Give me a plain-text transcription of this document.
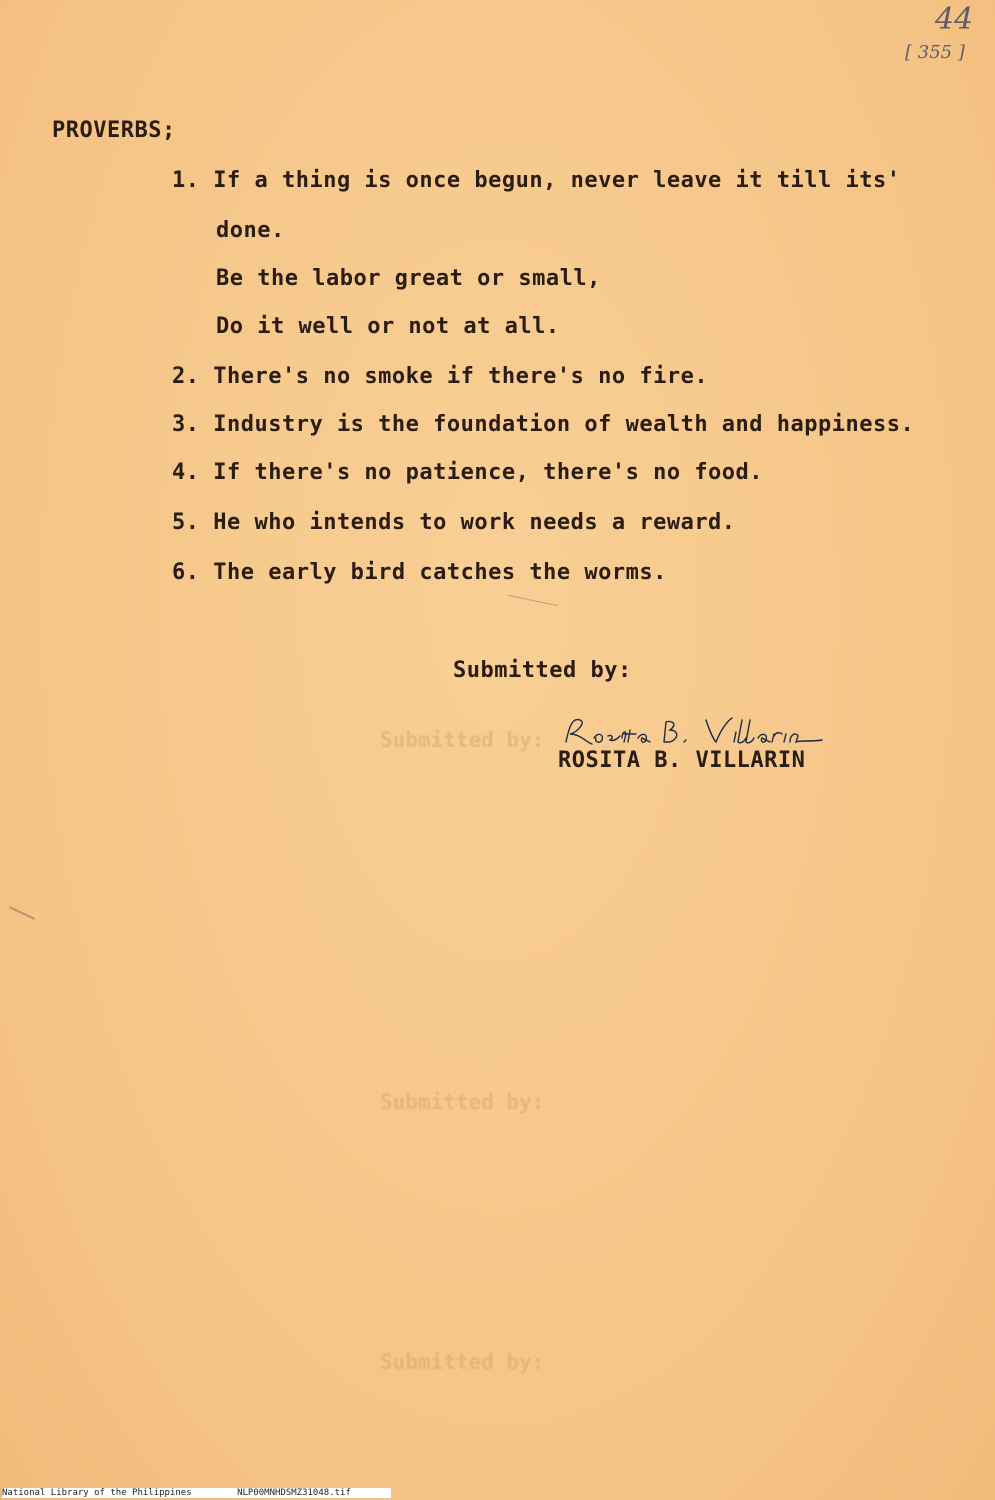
Submitted by:
Submitted by:
Submitted by:
44
[ 355 ]
PROVERBS;
1. If a thing is once begun, never leave it till its'
done.
Be the labor great or small,
Do it well or not at all.
2. There's no smoke if there's no fire.
3. Industry is the foundation of wealth and happiness.
4. If there's no patience, there's no food.
5. He who intends to work needs a reward.
6. The early bird catches the worms.
Submitted by:
ROSITA B. VILLARIN
National Library of the Philippines	NLP00MNHDSMZ31048.tif
